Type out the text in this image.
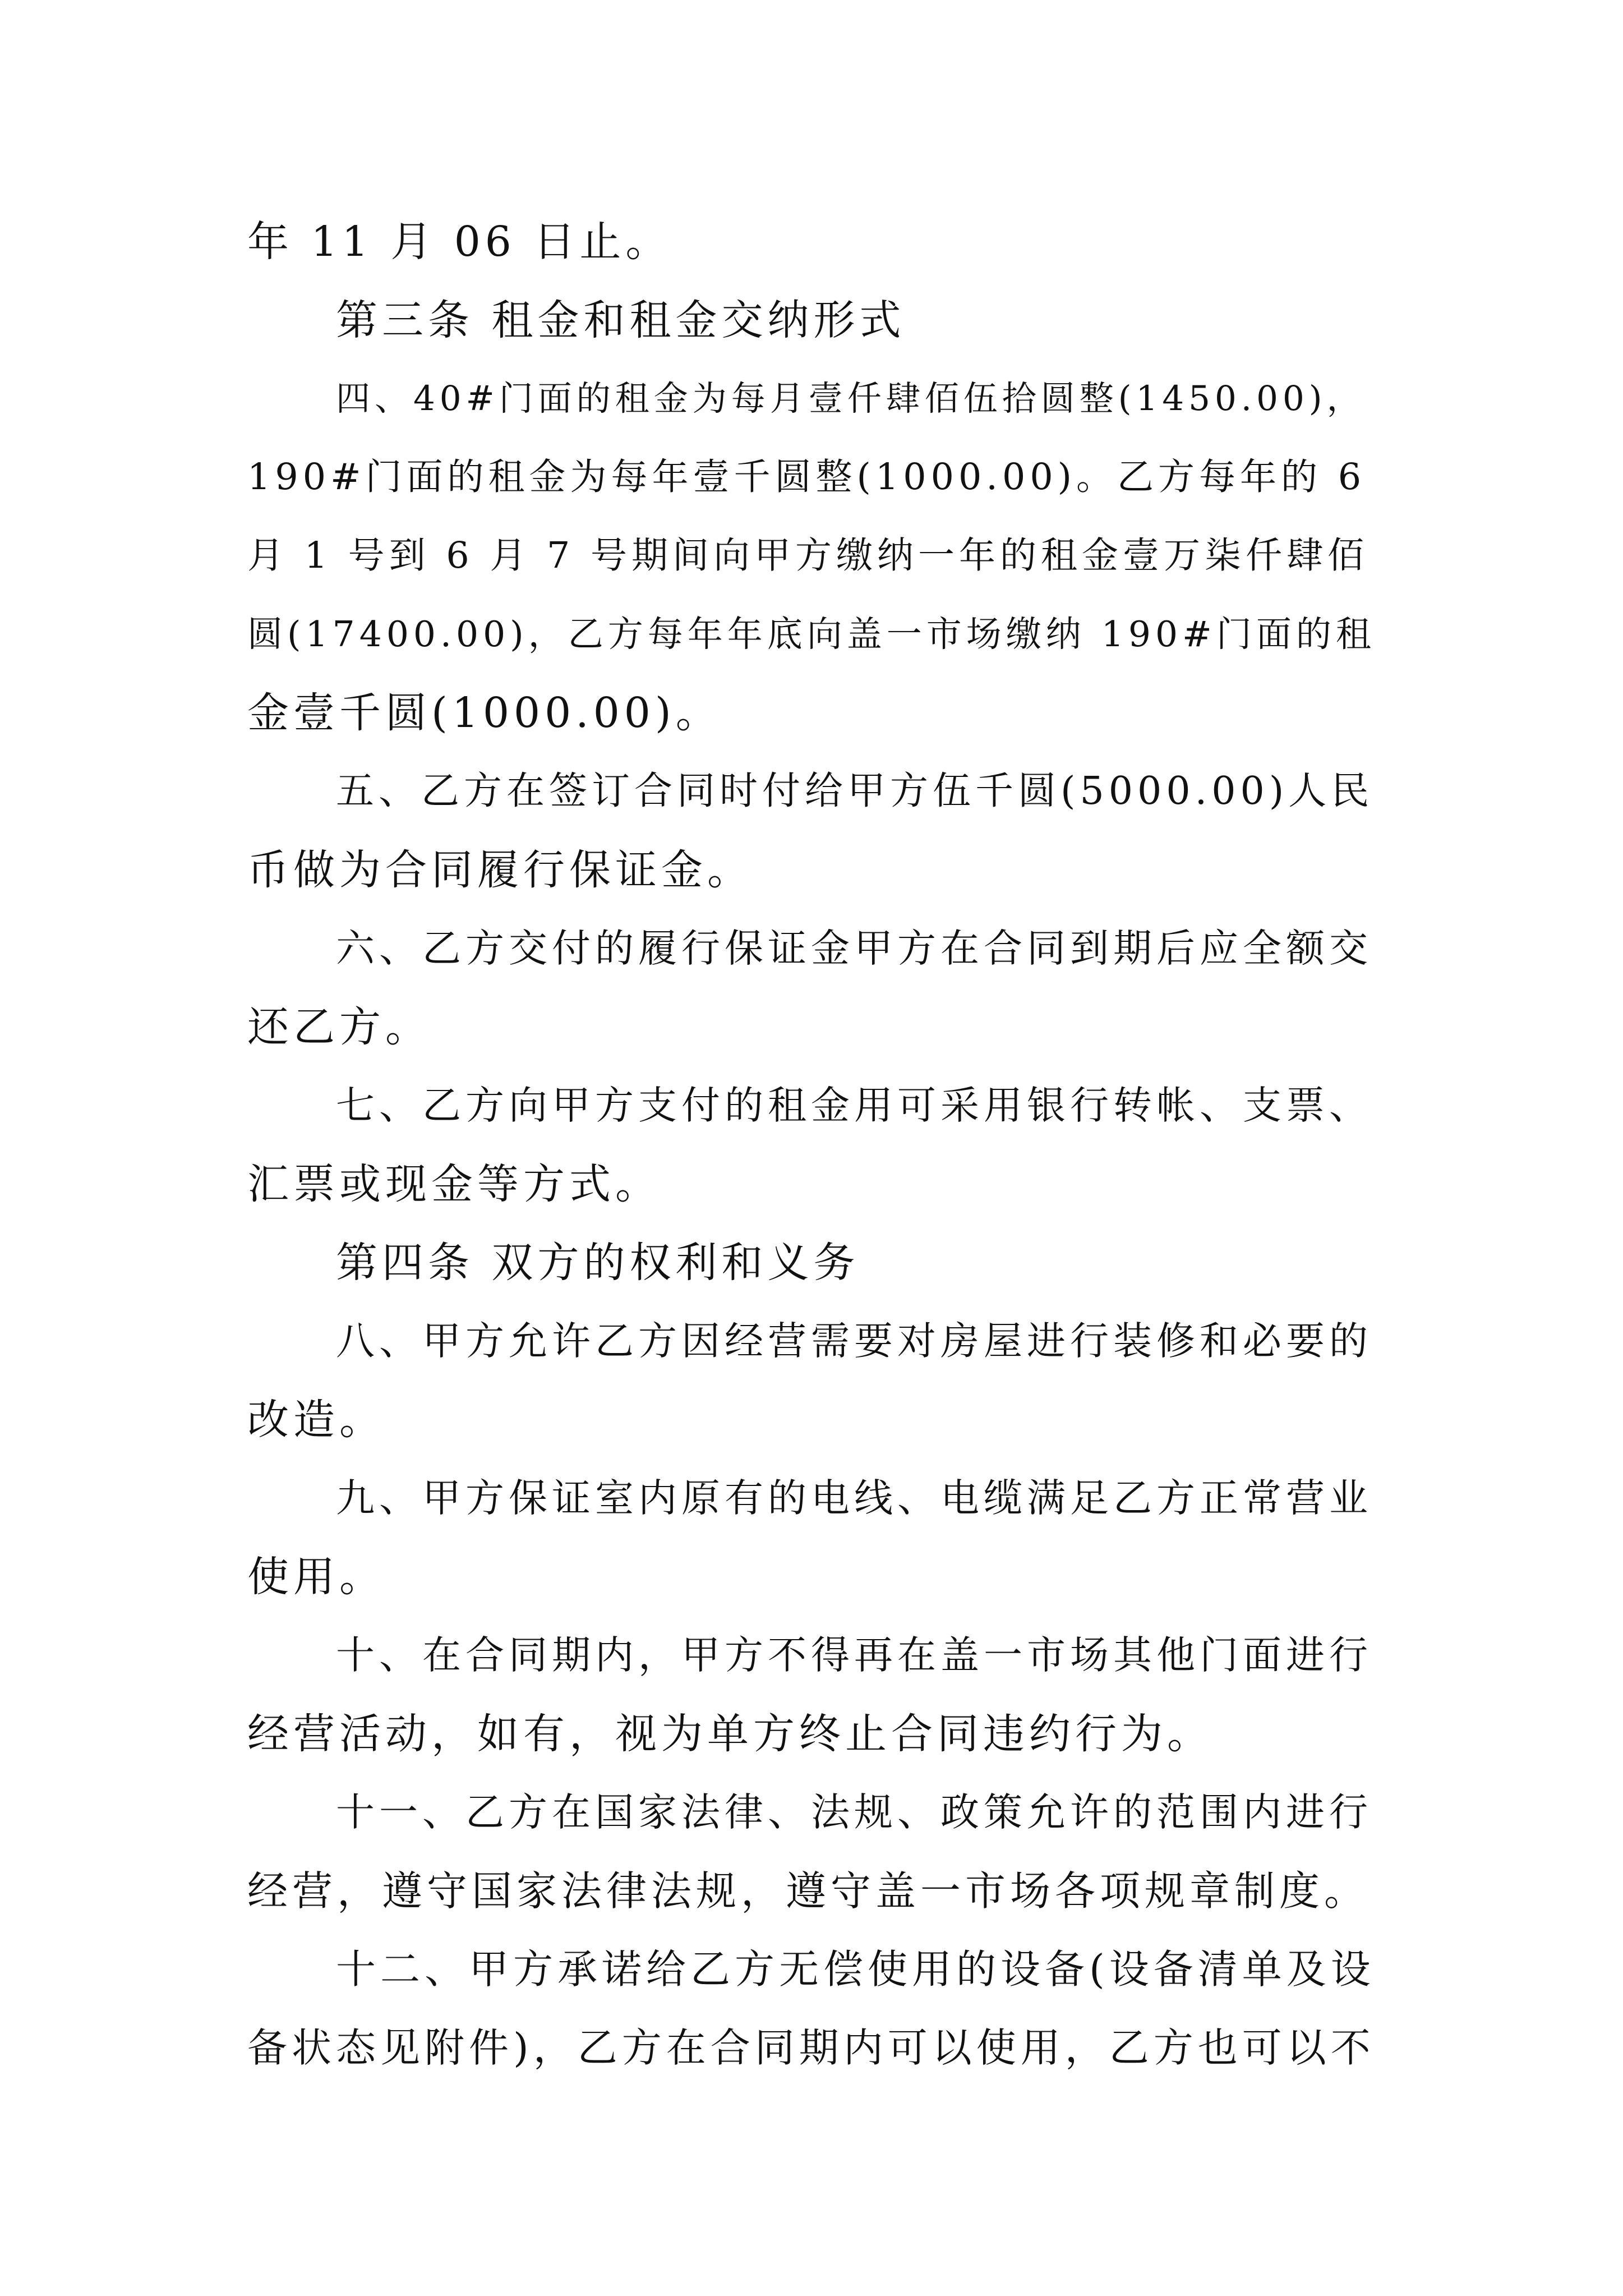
年 11 月 06 日止。
第三条 租金和租金交纳形式
四、40#门面的租金为每月壹仟肆佰伍拾圆整(1450.00)，
190#门面的租金为每年壹千圆整(1000.00)。乙方每年的 6
月 1 号到 6 月 7 号期间向甲方缴纳一年的租金壹万柒仟肆佰
圆(17400.00)，乙方每年年底向盖一市场缴纳 190#门面的租
金壹千圆(1000.00)。
五、乙方在签订合同时付给甲方伍千圆(5000.00)人民
币做为合同履行保证金。
六、乙方交付的履行保证金甲方在合同到期后应全额交
还乙方。
七、乙方向甲方支付的租金用可采用银行转帐、支票、
汇票或现金等方式。
第四条 双方的权利和义务
八、甲方允许乙方因经营需要对房屋进行装修和必要的
改造。
九、甲方保证室内原有的电线、电缆满足乙方正常营业
使用。
十、在合同期内，甲方不得再在盖一市场其他门面进行
经营活动，如有，视为单方终止合同违约行为。
十一、乙方在国家法律、法规、政策允许的范围内进行
经营，遵守国家法律法规，遵守盖一市场各项规章制度。
十二、甲方承诺给乙方无偿使用的设备(设备清单及设
备状态见附件)，乙方在合同期内可以使用，乙方也可以不
